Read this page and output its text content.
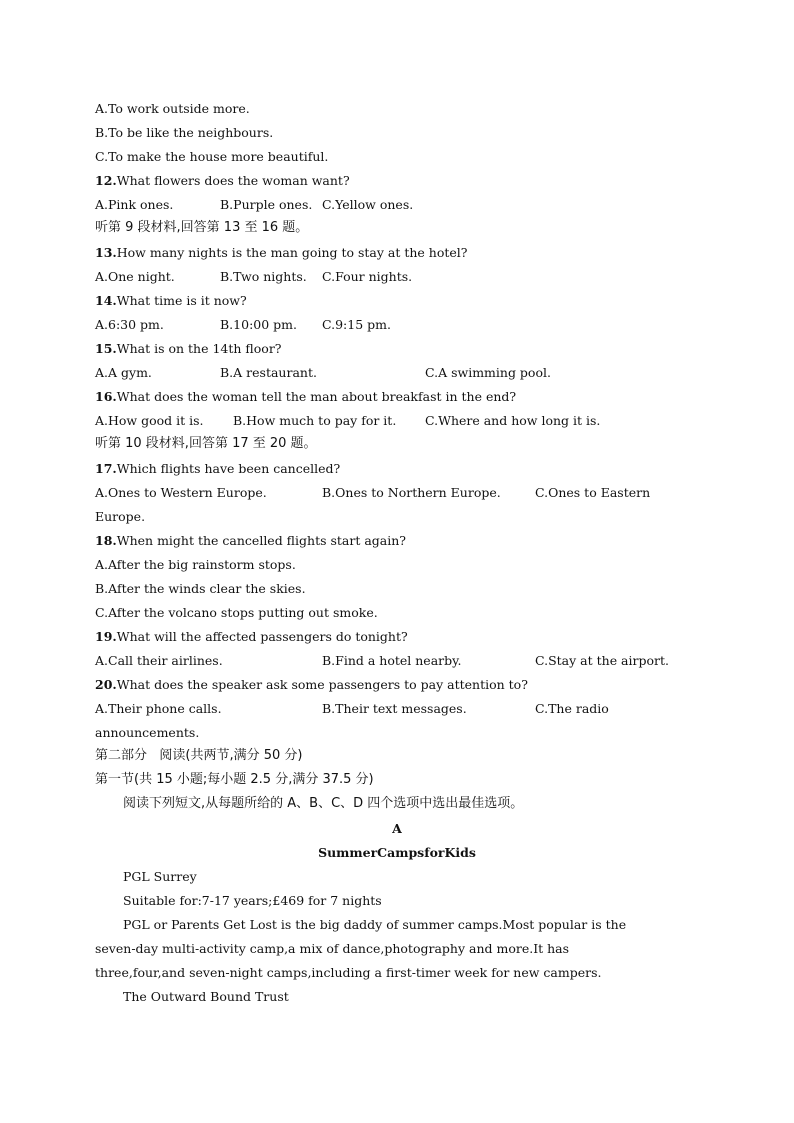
A.To work outside more.
B.To be like the neighbours.
C.To make the house more beautiful.
12.What flowers does the woman want?
A.Pink ones.	B.Purple ones. C.Yellow ones.
听第 9 段材料,回答第 13 至 16 题。
13.How many nights is the man going to stay at the hotel?
A.One night.	B.Two nights. C.Four nights.
14.What time is it now?
A.6:30 pm.	B.10:00 pm. C.9:15 pm.
15.What is on the 14th floor?
A.A gym.	B.A restaurant.	C.A swimming pool.
16.What does the woman tell the man about breakfast in the end?
A.How good it is. B.How much to pay for it. C.Where and how long it is.
听第 10 段材料,回答第 17 至 20 题。
17.Which flights have been cancelled?
A.Ones to Western Europe.	B.Ones to Northern Europe.	C.Ones to Eastern
Europe.
18.When might the cancelled flights start again?
A.After the big rainstorm stops.
B.After the winds clear the skies.
C.After the volcano stops putting out smoke.
19.What will the affected passengers do tonight?
A.Call their airlines.	B.Find a hotel nearby.	C.Stay at the airport.
20.What does the speaker ask some passengers to pay attention to?
A.Their phone calls.	B.Their text messages.	C.The radio
announcements.
第二部分   阅读(共两节,满分 50 分)
第一节(共 15 小题;每小题 2.5 分,满分 37.5 分)
阅读下列短文,从每题所给的 A、B、C、D 四个选项中选出最佳选项。
A
SummerCampsforKids
PGL Surrey
Suitable for:7-17 years;£469 for 7 nights
PGL or Parents Get Lost is the big daddy of summer camps.Most popular is the
seven-day multi-activity camp,a mix of dance,photography and more.It has
three,four,and seven-night camps,including a first-timer week for new campers.
The Outward Bound Trust
